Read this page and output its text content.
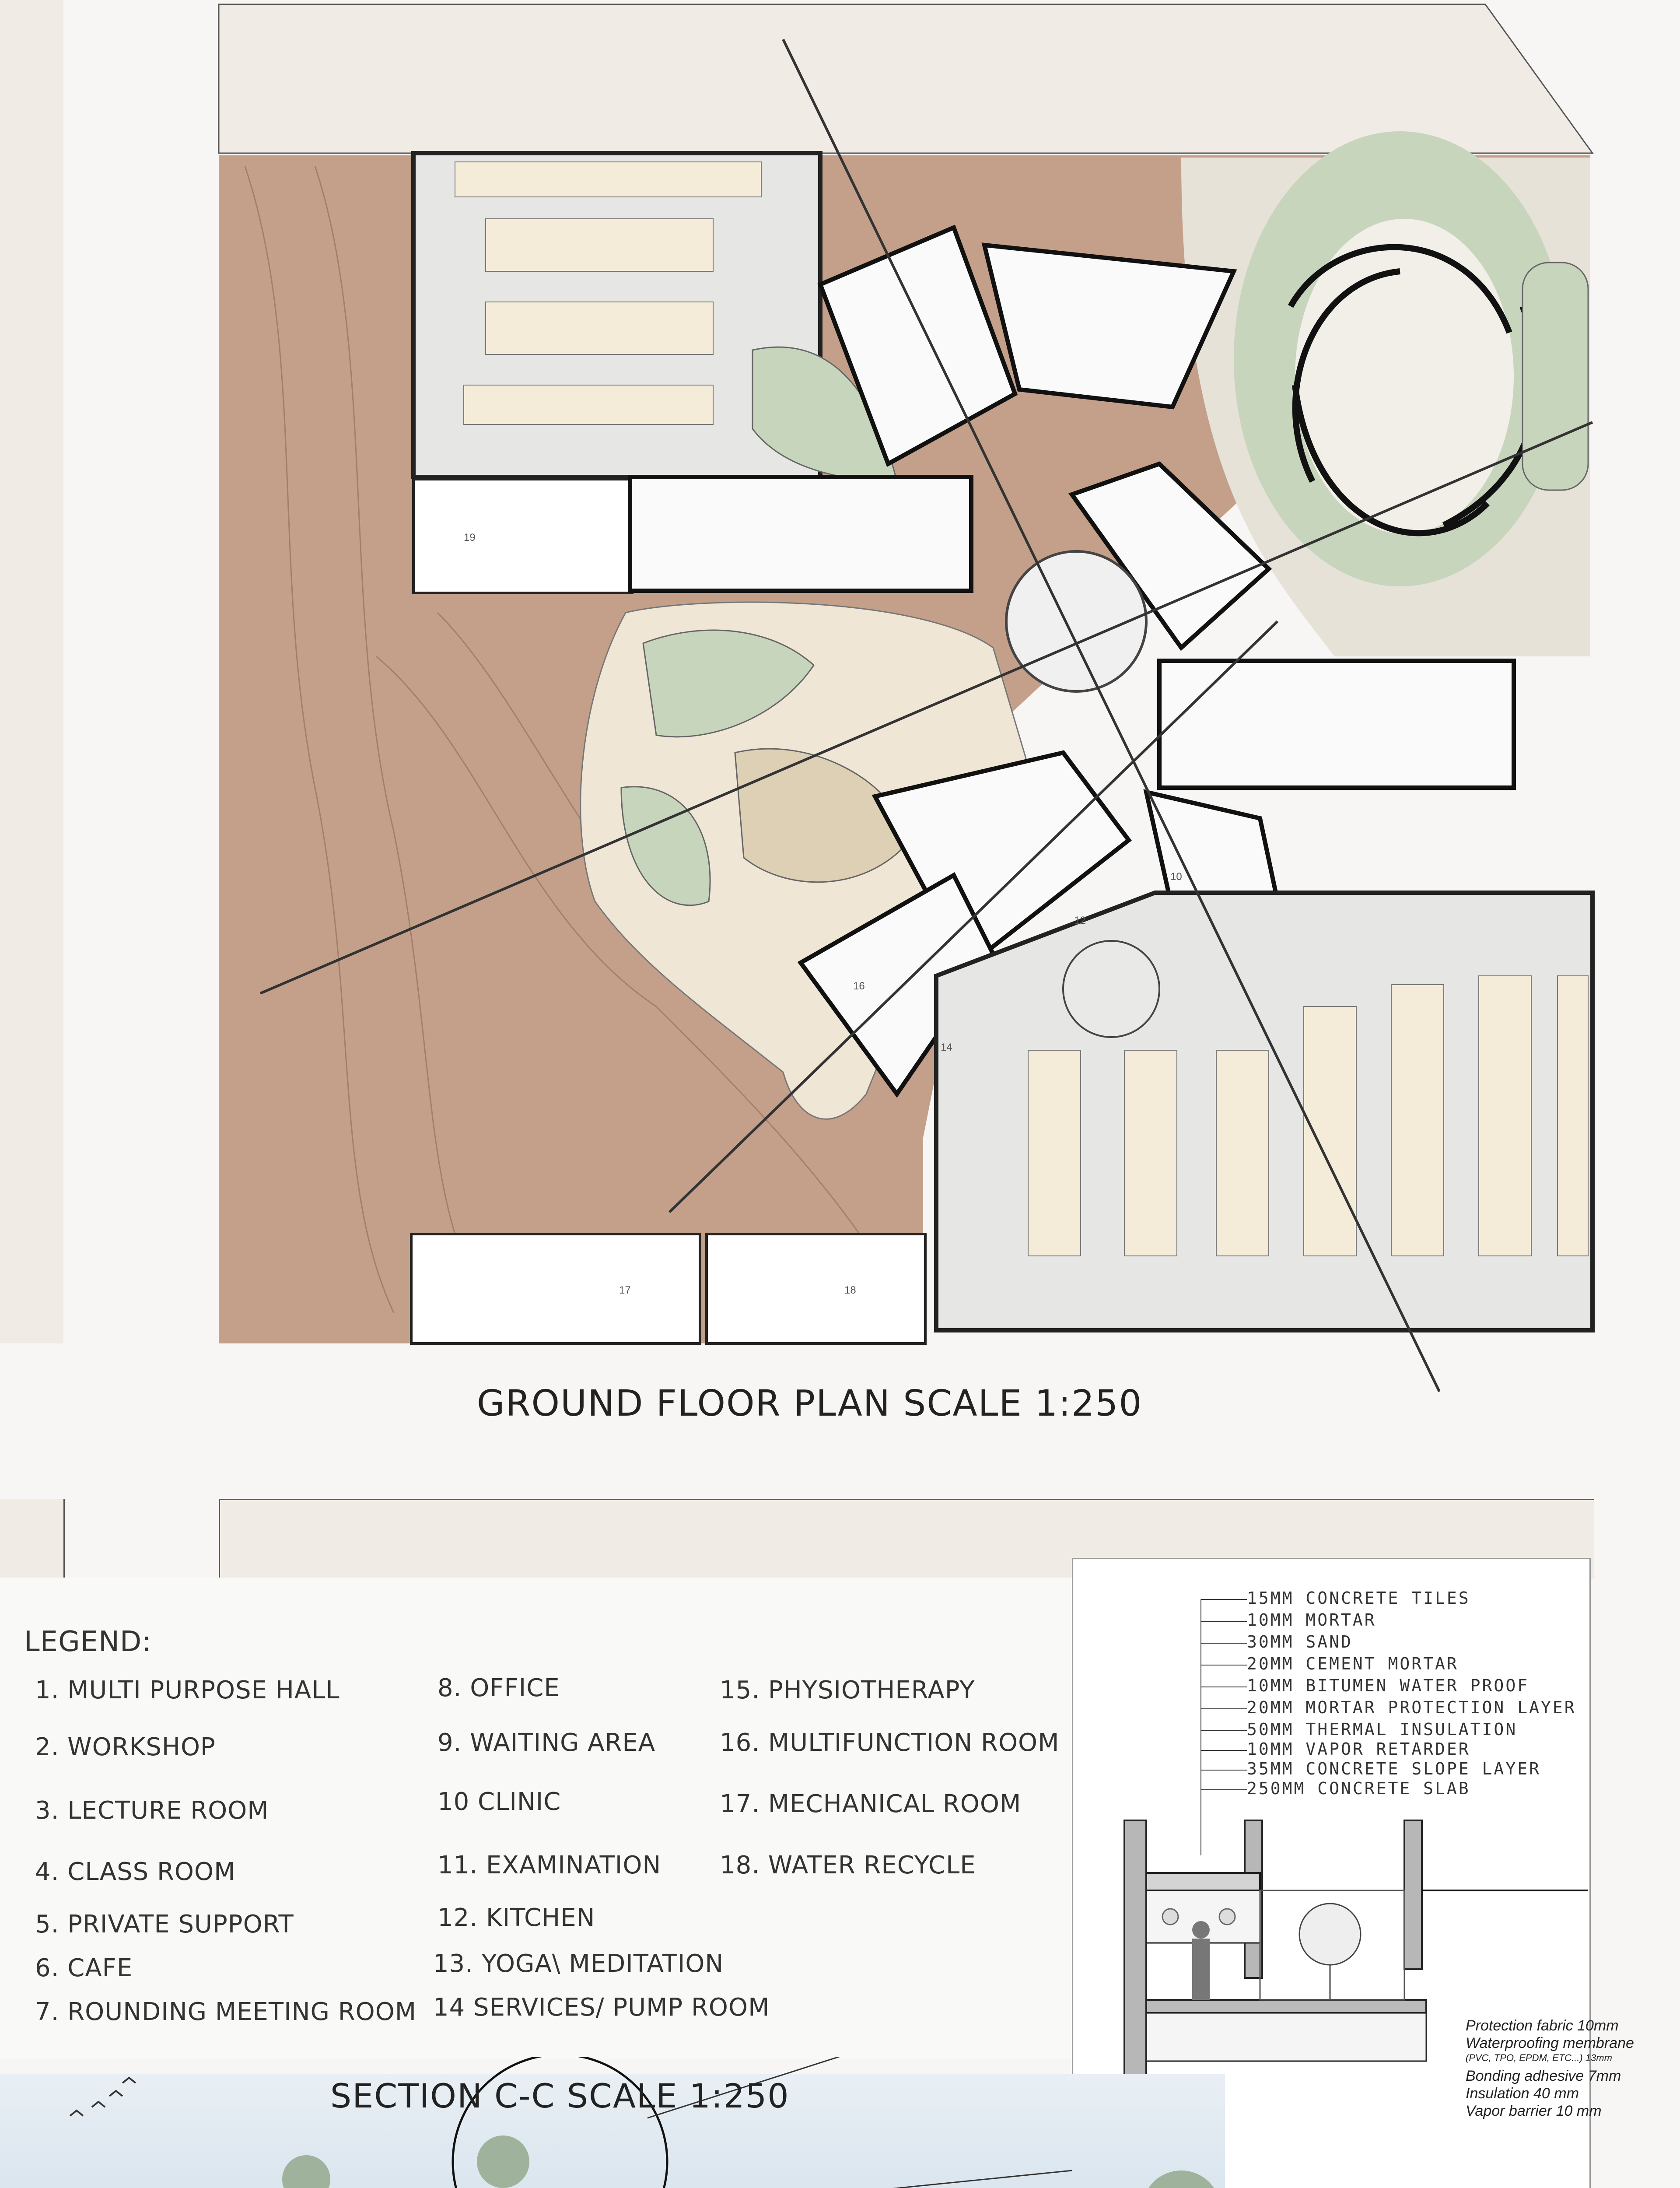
19
17	18
10
12
14
16
GROUND FLOOR PLAN SCALE 1:250
LEGEND:
1. MULTI PURPOSE HALL
2. WORKSHOP
3. LECTURE ROOM
4. CLASS ROOM
5. PRIVATE SUPPORT
6. CAFE
7. ROUNDING MEETING ROOM
8. OFFICE
9. WAITING AREA
10 CLINIC
11. EXAMINATION
12. KITCHEN
13. YOGA\ MEDITATION
14 SERVICES/ PUMP ROOM
15. PHYSIOTHERAPY
16. MULTIFUNCTION ROOM
17. MECHANICAL ROOM
18. WATER RECYCLE
15MM CONCRETE TILES
10MM MORTAR
30MM SAND
20MM CEMENT MORTAR
10MM BITUMEN WATER PROOF
20MM MORTAR PROTECTION LAYER
50MM THERMAL INSULATION
10MM VAPOR RETARDER
35MM CONCRETE SLOPE LAYER
250MM CONCRETE SLAB
Protection fabric 10mm
Waterproofing membrane
(PVC, TPO, EPDM, ETC...) 13mm
Bonding adhesive 7mm
Insulation 40 mm
Vapor barrier 10 mm
SECTION C-C SCALE 1:250
